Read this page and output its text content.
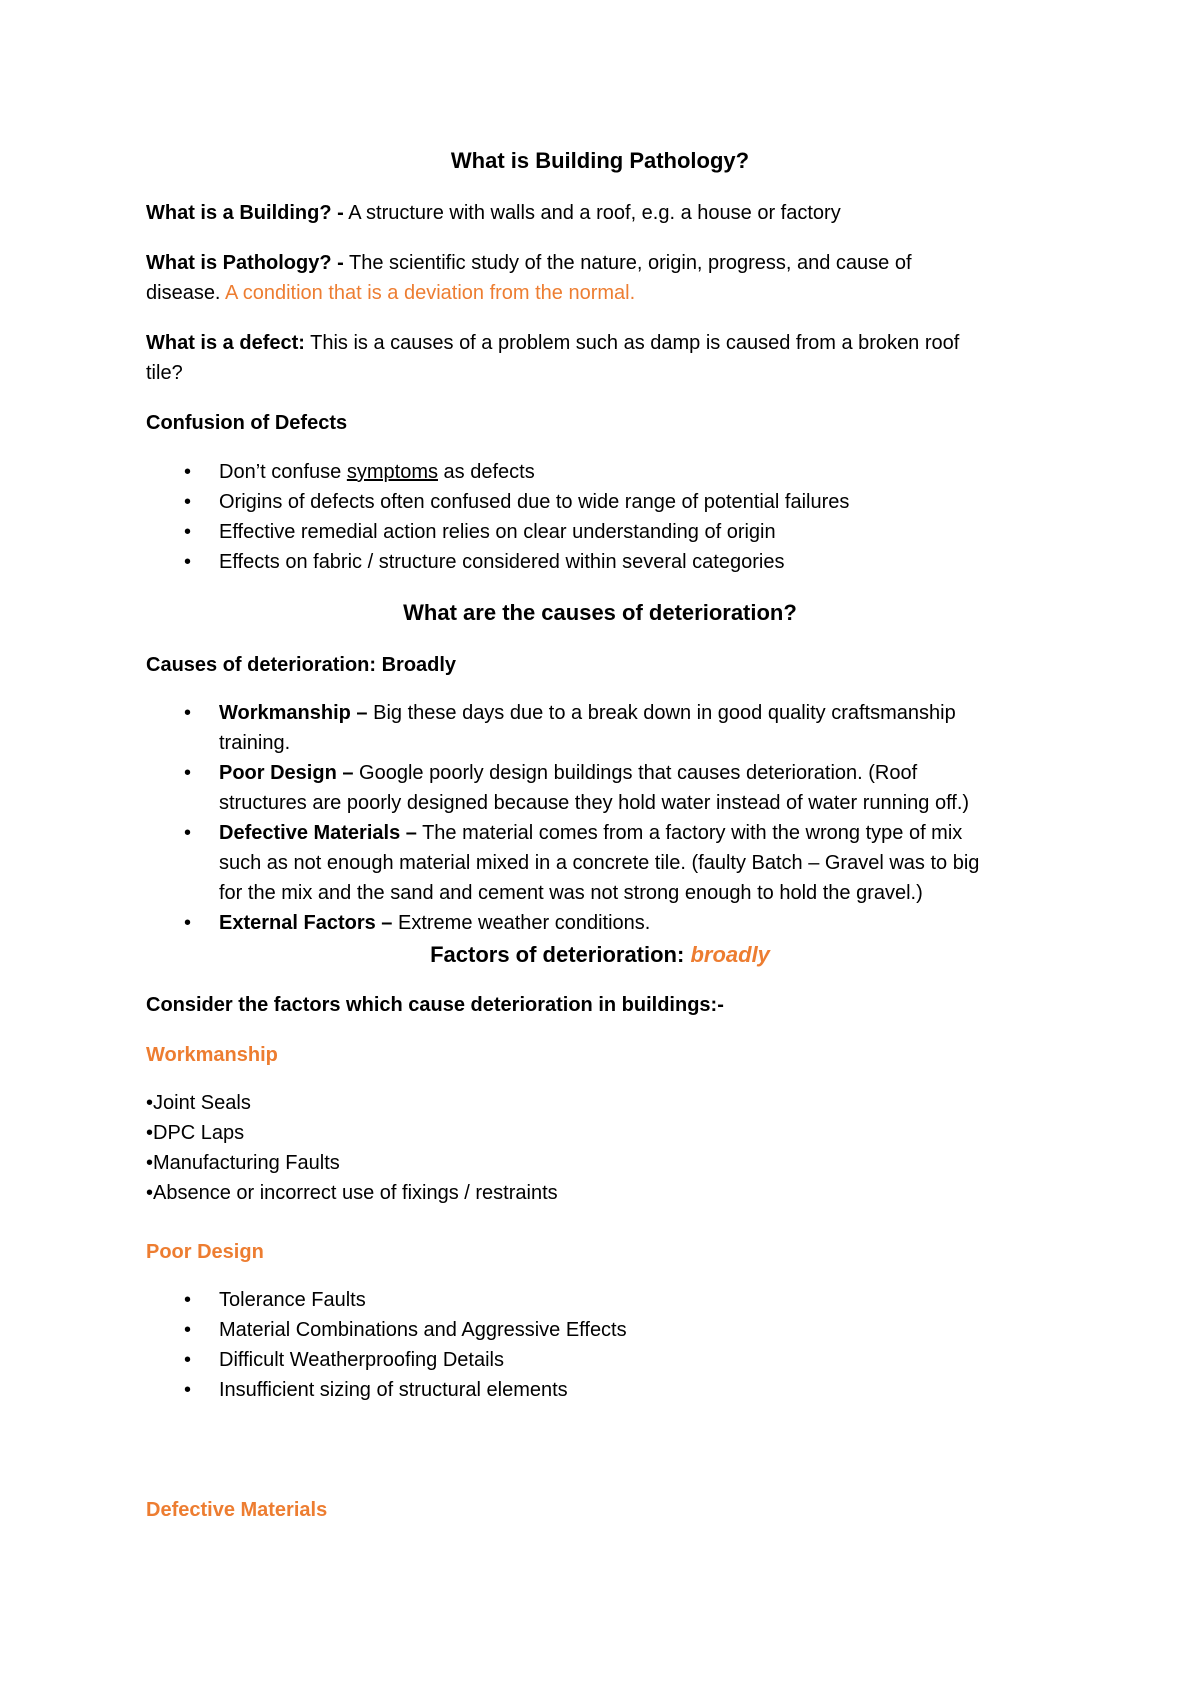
What is Building Pathology?

What is a Building? - A structure with walls and a roof, e.g. a house or factory

What is Pathology? - The scientific study of the nature, origin, progress, and cause of

disease. A condition that is a deviation from the normal.

What is a defect: This is a causes of a problem such as damp is caused from a broken roof

tile?

Confusion of Defects

• Don’t confuse symptoms as defects
• Origins of defects often confused due to wide range of potential failures
• Effective remedial action relies on clear understanding of origin
• Effects on fabric / structure considered within several categories

What are the causes of deterioration?

Causes of deterioration: Broadly

• Workmanship – Big these days due to a break down in good quality craftsmanship
training.
• Poor Design – Google poorly design buildings that causes deterioration. (Roof
structures are poorly designed because they hold water instead of water running off.)
• Defective Materials – The material comes from a factory with the wrong type of mix
such as not enough material mixed in a concrete tile. (faulty Batch – Gravel was to big
for the mix and the sand and cement was not strong enough to hold the gravel.)
• External Factors – Extreme weather conditions.

Factors of deterioration: broadly

Consider the factors which cause deterioration in buildings:-

Workmanship

•Joint Seals

•DPC Laps

•Manufacturing Faults

•Absence or incorrect use of fixings / restraints

Poor Design

• Tolerance Faults
• Material Combinations and Aggressive Effects
• Difficult Weatherproofing Details
• Insufficient sizing of structural elements

Defective Materials
